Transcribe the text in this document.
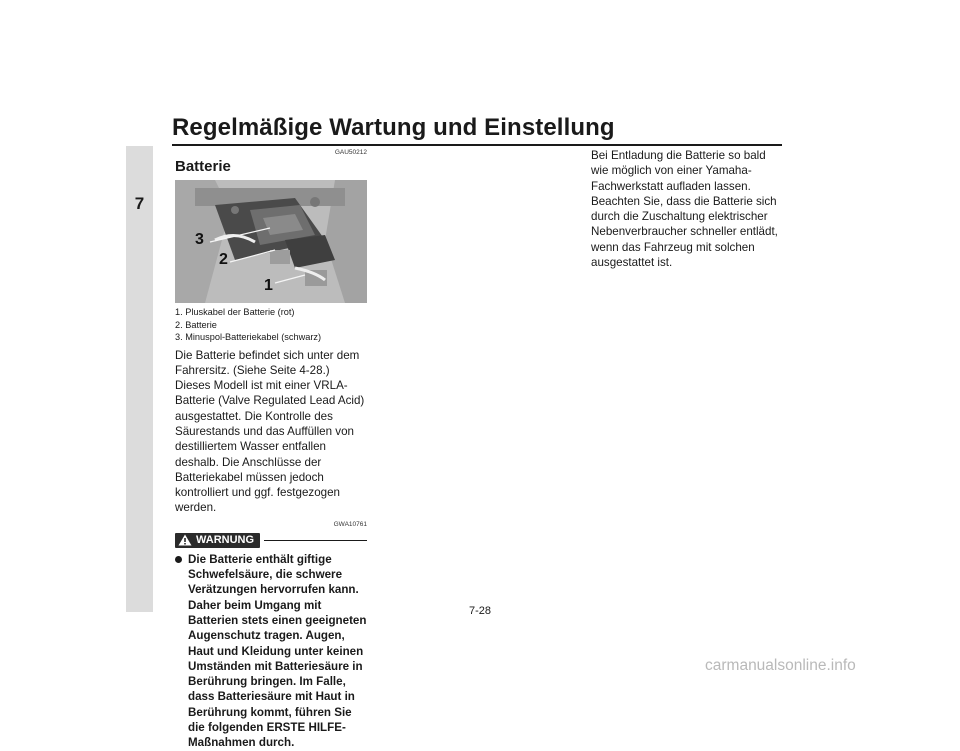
Regelmäßige Wartung und Einstellung
7

GAU50212

Batterie
3
2
1
1. Pluskabel der Batterie (rot)
2. Batterie
3. Minuspol-Batteriekabel (schwarz)

Die Batterie befindet sich unter dem Fahrersitz. (Siehe Seite 4-28.)

Dieses Modell ist mit einer VRLA-Batterie (Valve Regulated Lead Acid) ausgestattet. Die Kontrolle des Säurestands und das Auffüllen von destilliertem Wasser entfallen deshalb. Die Anschlüsse der Batteriekabel müssen jedoch kontrolliert und ggf. festgezogen werden.

GWA10761

WARNUNG
Die Batterie enthält giftige Schwefelsäure, die schwere Verätzungen hervorrufen kann. Daher beim Umgang mit Batterien stets einen geeigneten Augenschutz tragen. Augen, Haut und Kleidung unter keinen Umständen mit Batteriesäure in Berührung bringen. Im Falle, dass Batteriesäure mit Haut in Berührung kommt, führen Sie die folgenden ERSTE HILFE-Maßnahmen durch.

Bei Entladung die Batterie so bald wie möglich von einer Yamaha-Fachwerkstatt aufladen lassen. Beachten Sie, dass die Batterie sich durch die Zuschaltung elektrischer Nebenverbraucher schneller entlädt, wenn das Fahrzeug mit solchen ausgestattet ist.

7-28
carmanualsonline.info
